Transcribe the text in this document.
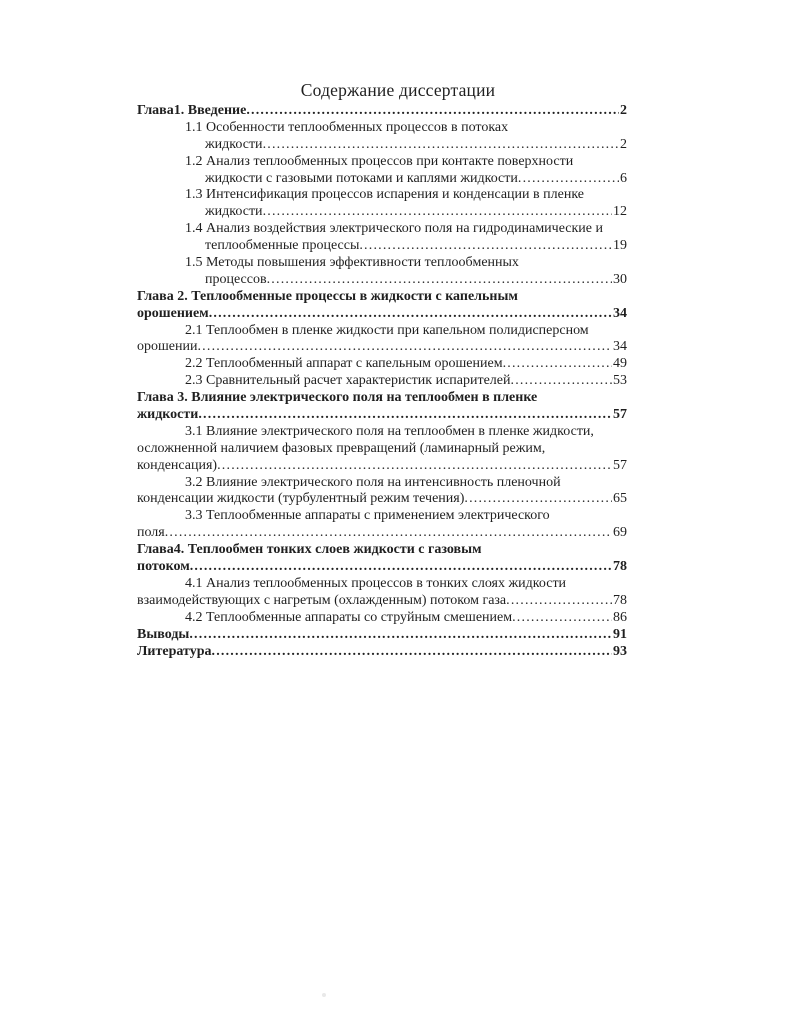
Содержание диссертации
Глава1. Введение .....	2
1.1 Особенности теплообменных процессов в потоках
жидкости .....	2
1.2 Анализ теплообменных процессов при контакте поверхности
жидкости с газовыми потоками и каплями жидкости .....	6
1.3 Интенсификация процессов испарения и конденсации в пленке
жидкости .....	12
1.4 Анализ воздействия электрического поля на гидродинамические и
теплообменные процессы .....	19
1.5 Методы повышения эффективности теплообменных
процессов .....	30
Глава 2. Теплообменные процессы в жидкости с капельным
орошением .....	34
2.1 Теплообмен в пленке жидкости при капельном полидисперсном
орошении .....	34
2.2 Теплообменный аппарат с капельным орошением .....	49
2.3 Сравнительный расчет характеристик испарителей .....	53
Глава 3. Влияние электрического поля на теплообмен в пленке
жидкости .....	57
3.1 Влияние электрического поля на теплообмен в пленке жидкости,
осложненной наличием фазовых превращений (ламинарный режим,
конденсация) .....	57
3.2 Влияние электрического поля на интенсивность пленочной
конденсации жидкости (турбулентный режим течения) .....	65
3.3 Теплообменные аппараты с применением электрического
поля .....	69
Глава4. Теплообмен тонких слоев жидкости с газовым
потоком .....	78
4.1 Анализ теплообменных процессов в тонких слоях жидкости
взаимодействующих с нагретым (охлажденным) потоком газа .....	78
4.2 Теплообменные аппараты со струйным смешением .....	86
Выводы .....	91
Литература .....	93
